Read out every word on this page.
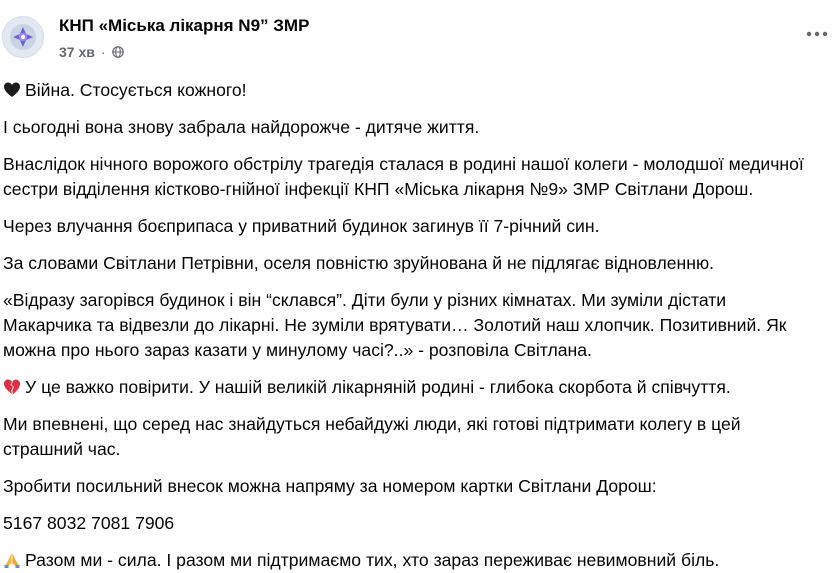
КНП «Міська лікарня N9” ЗМР
37 хв ·

Війна. Стосується кожного!

І сьогодні вона знову забрала найдорожче - дитяче життя.

Внаслідок нічного ворожого обстрілу трагедія сталася в родині нашої колеги - молодшої медичної сестри відділення кістково-гнійної інфекції КНП «Міська лікарня №9» ЗМР Світлани Дорош.

Через влучання боєприпаса у приватний будинок загинув її 7-річний син.

За словами Світлани Петрівни, оселя повністю зруйнована й не підлягає відновленню.

«Відразу загорівся будинок і він “склався”. Діти були у різних кімнатах. Ми зуміли дістати Макарчика та відвезли до лікарні. Не зуміли врятувати… Золотий наш хлопчик. Позитивний. Як можна про нього зараз казати у минулому часі?..» - розповіла Світлана.

У це важко повірити. У нашій великій лікарняній родині - глибока скорбота й співчуття.

Ми впевнені, що серед нас знайдуться небайдужі люди, які готові підтримати колегу в цей страшний час.

Зробити посильний внесок можна напряму за номером картки Світлани Дорош:

5167 8032 7081 7906

Разом ми - сила. І разом ми підтримаємо тих, хто зараз переживає невимовний біль.
